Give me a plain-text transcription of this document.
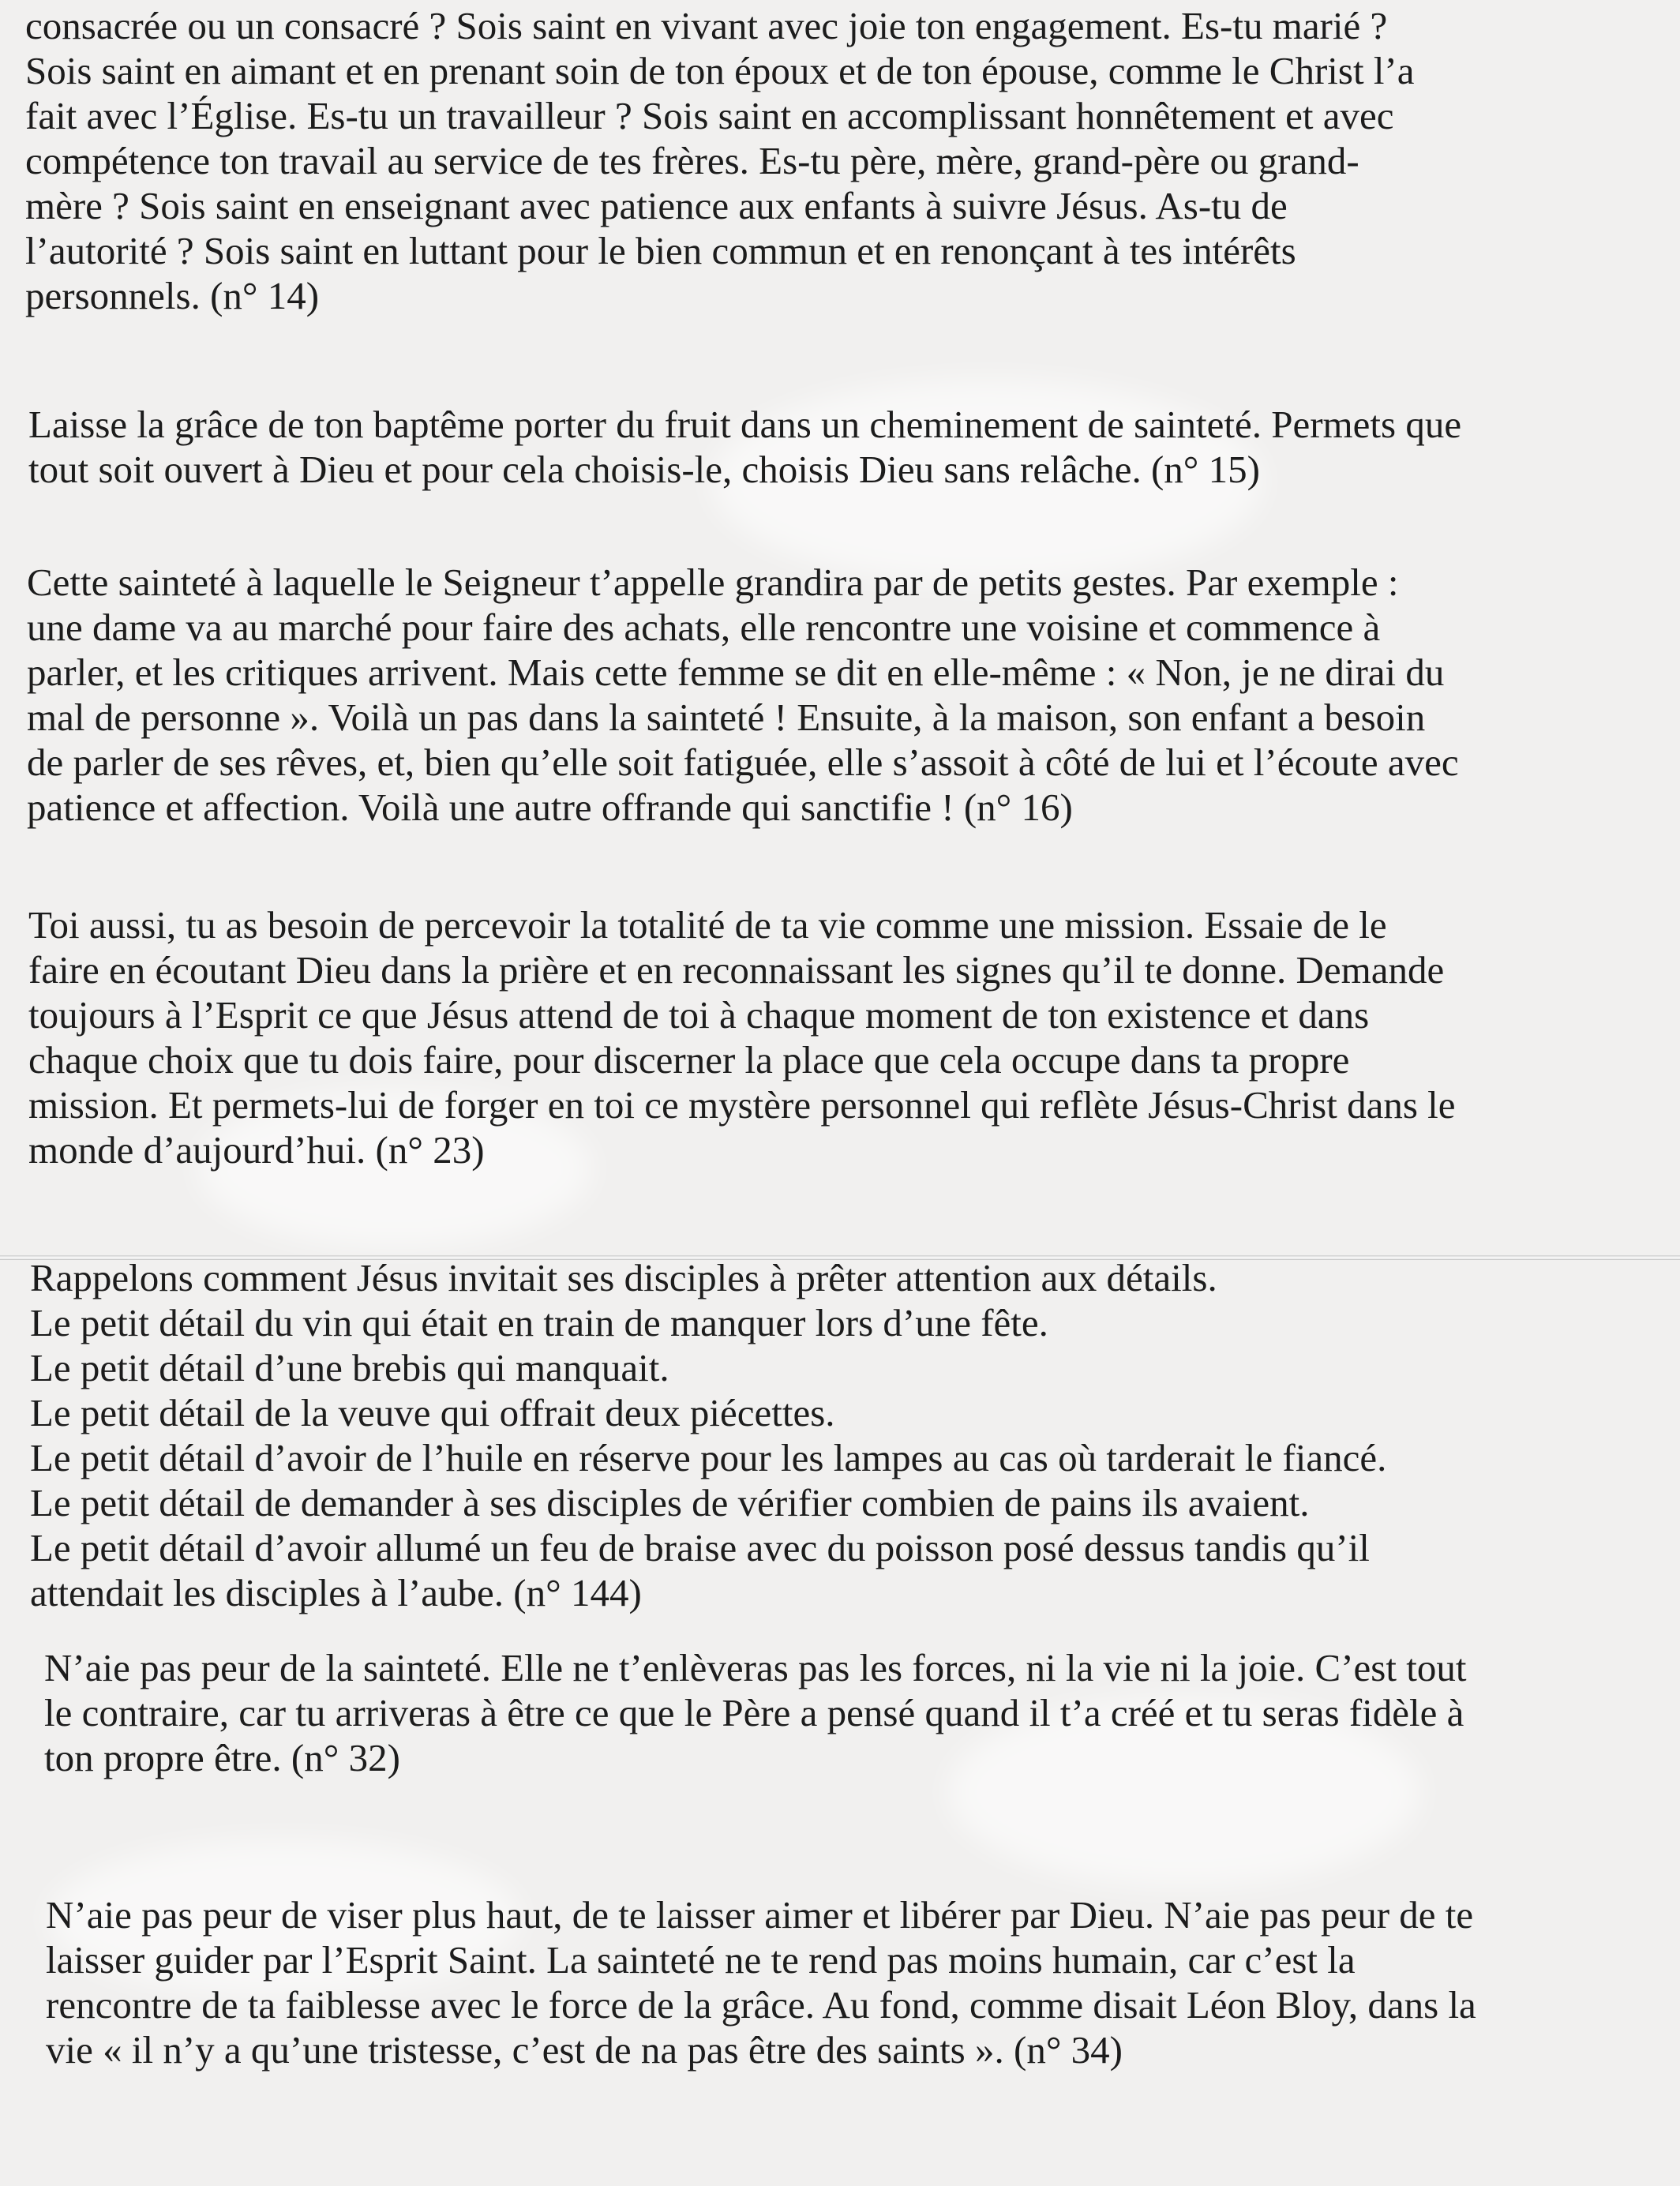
consacrée ou un consacré ? Sois saint en vivant avec joie ton engagement. Es-tu marié ?
Sois saint en aimant et en prenant soin de ton époux et de ton épouse, comme le Christ l’a
fait avec l’Église. Es-tu un travailleur ? Sois saint en accomplissant honnêtement et avec
compétence ton travail au service de tes frères. Es-tu père, mère, grand-père ou grand-
mère ? Sois saint en enseignant avec patience aux enfants à suivre Jésus. As-tu de
l’autorité ? Sois saint en luttant pour le bien commun et en renonçant à tes intérêts
personnels. (n° 14)
Laisse la grâce de ton baptême porter du fruit dans un cheminement de sainteté. Permets que
tout soit ouvert à Dieu et pour cela choisis-le, choisis Dieu sans relâche. (n° 15)
Cette sainteté à laquelle le Seigneur t’appelle grandira par de petits gestes. Par exemple :
une dame va au marché pour faire des achats, elle rencontre une voisine et commence à
parler, et les critiques arrivent. Mais cette femme se dit en elle-même : « Non, je ne dirai du
mal de personne ». Voilà un pas dans la sainteté ! Ensuite, à la maison, son enfant a besoin
de parler de ses rêves, et, bien qu’elle soit fatiguée, elle s’assoit à côté de lui et l’écoute avec
patience et affection. Voilà une autre offrande qui sanctifie ! (n° 16)
Toi aussi, tu as besoin de percevoir la totalité de ta vie comme une mission. Essaie de le
faire en écoutant Dieu dans la prière et en reconnaissant les signes qu’il te donne. Demande
toujours à l’Esprit ce que Jésus attend de toi à chaque moment de ton existence et dans
chaque choix que tu dois faire, pour discerner la place que cela occupe dans ta propre
mission. Et permets-lui de forger en toi ce mystère personnel qui reflète Jésus-Christ dans le
monde d’aujourd’hui. (n° 23)
Rappelons comment Jésus invitait ses disciples à prêter attention aux détails.
Le petit détail du vin qui était en train de manquer lors d’une fête.
Le petit détail d’une brebis qui manquait.
Le petit détail de la veuve qui offrait deux piécettes.
Le petit détail d’avoir de l’huile en réserve pour les lampes au cas où tarderait le fiancé.
Le petit détail de demander à ses disciples de vérifier combien de pains ils avaient.
Le petit détail d’avoir allumé un feu de braise avec du poisson posé dessus tandis qu’il
attendait les disciples à l’aube. (n° 144)
N’aie pas peur de la sainteté. Elle ne t’enlèveras pas les forces, ni la vie ni la joie. C’est tout
le contraire, car tu arriveras à être ce que le Père a pensé quand il t’a créé et tu seras fidèle à
ton propre être. (n° 32)
N’aie pas peur de viser plus haut, de te laisser aimer et libérer par Dieu. N’aie pas peur de te
laisser guider par l’Esprit Saint. La sainteté ne te rend pas moins humain, car c’est la
rencontre de ta faiblesse avec le force de la grâce. Au fond, comme disait Léon Bloy, dans la
vie « il n’y a qu’une tristesse, c’est de na pas être des saints ». (n° 34)
